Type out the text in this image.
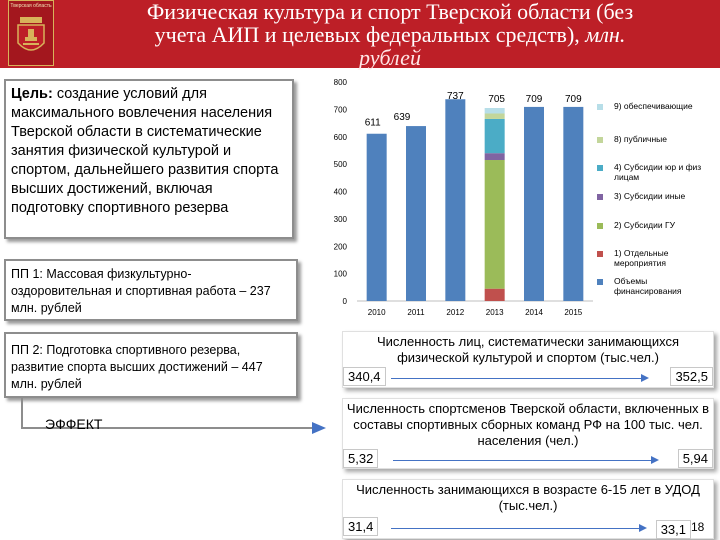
Тверская область	Физическая культура и спорт Тверской области (без
учета АИП и целевых федеральных средств), млн.
рублей
Цель: создание условий для максимального вовлечения населения Тверской области в систематические занятия физической культурой и спортом, дальнейшего развития спорта высших достижений, включая подготовку спортивного резерва
ПП 1: Массовая физкультурно-оздоровительная и спортивная работа – 237 млн. рублей
ПП 2: Подготовка спортивного резерва, развитие спорта высших достижений – 447 млн. рублей
ЭФФЕКТ
0
100
200
300
400
500
600
700
800
611
2010
639
2011
737
2012
705
2013
709
2014
709
2015
9) обеспечивающие
8) публичные
4) Субсидии юр и физ лицам
3) Субсидии иные
2) Субсидии ГУ
1) Отдельные мероприятия
Объемы финансирования
Численность лиц, систематически занимающихся физической культурой и спортом (тыс.чел.)
340,4	352,5
Численность спортсменов Тверской области, включенных в составы спортивных сборных команд РФ на 100 тыс. чел. населения (чел.)
5,32	5,94
Численность занимающихся в возрасте 6-15 лет в УДОД (тыс.чел.)
31,4	33,1 18
